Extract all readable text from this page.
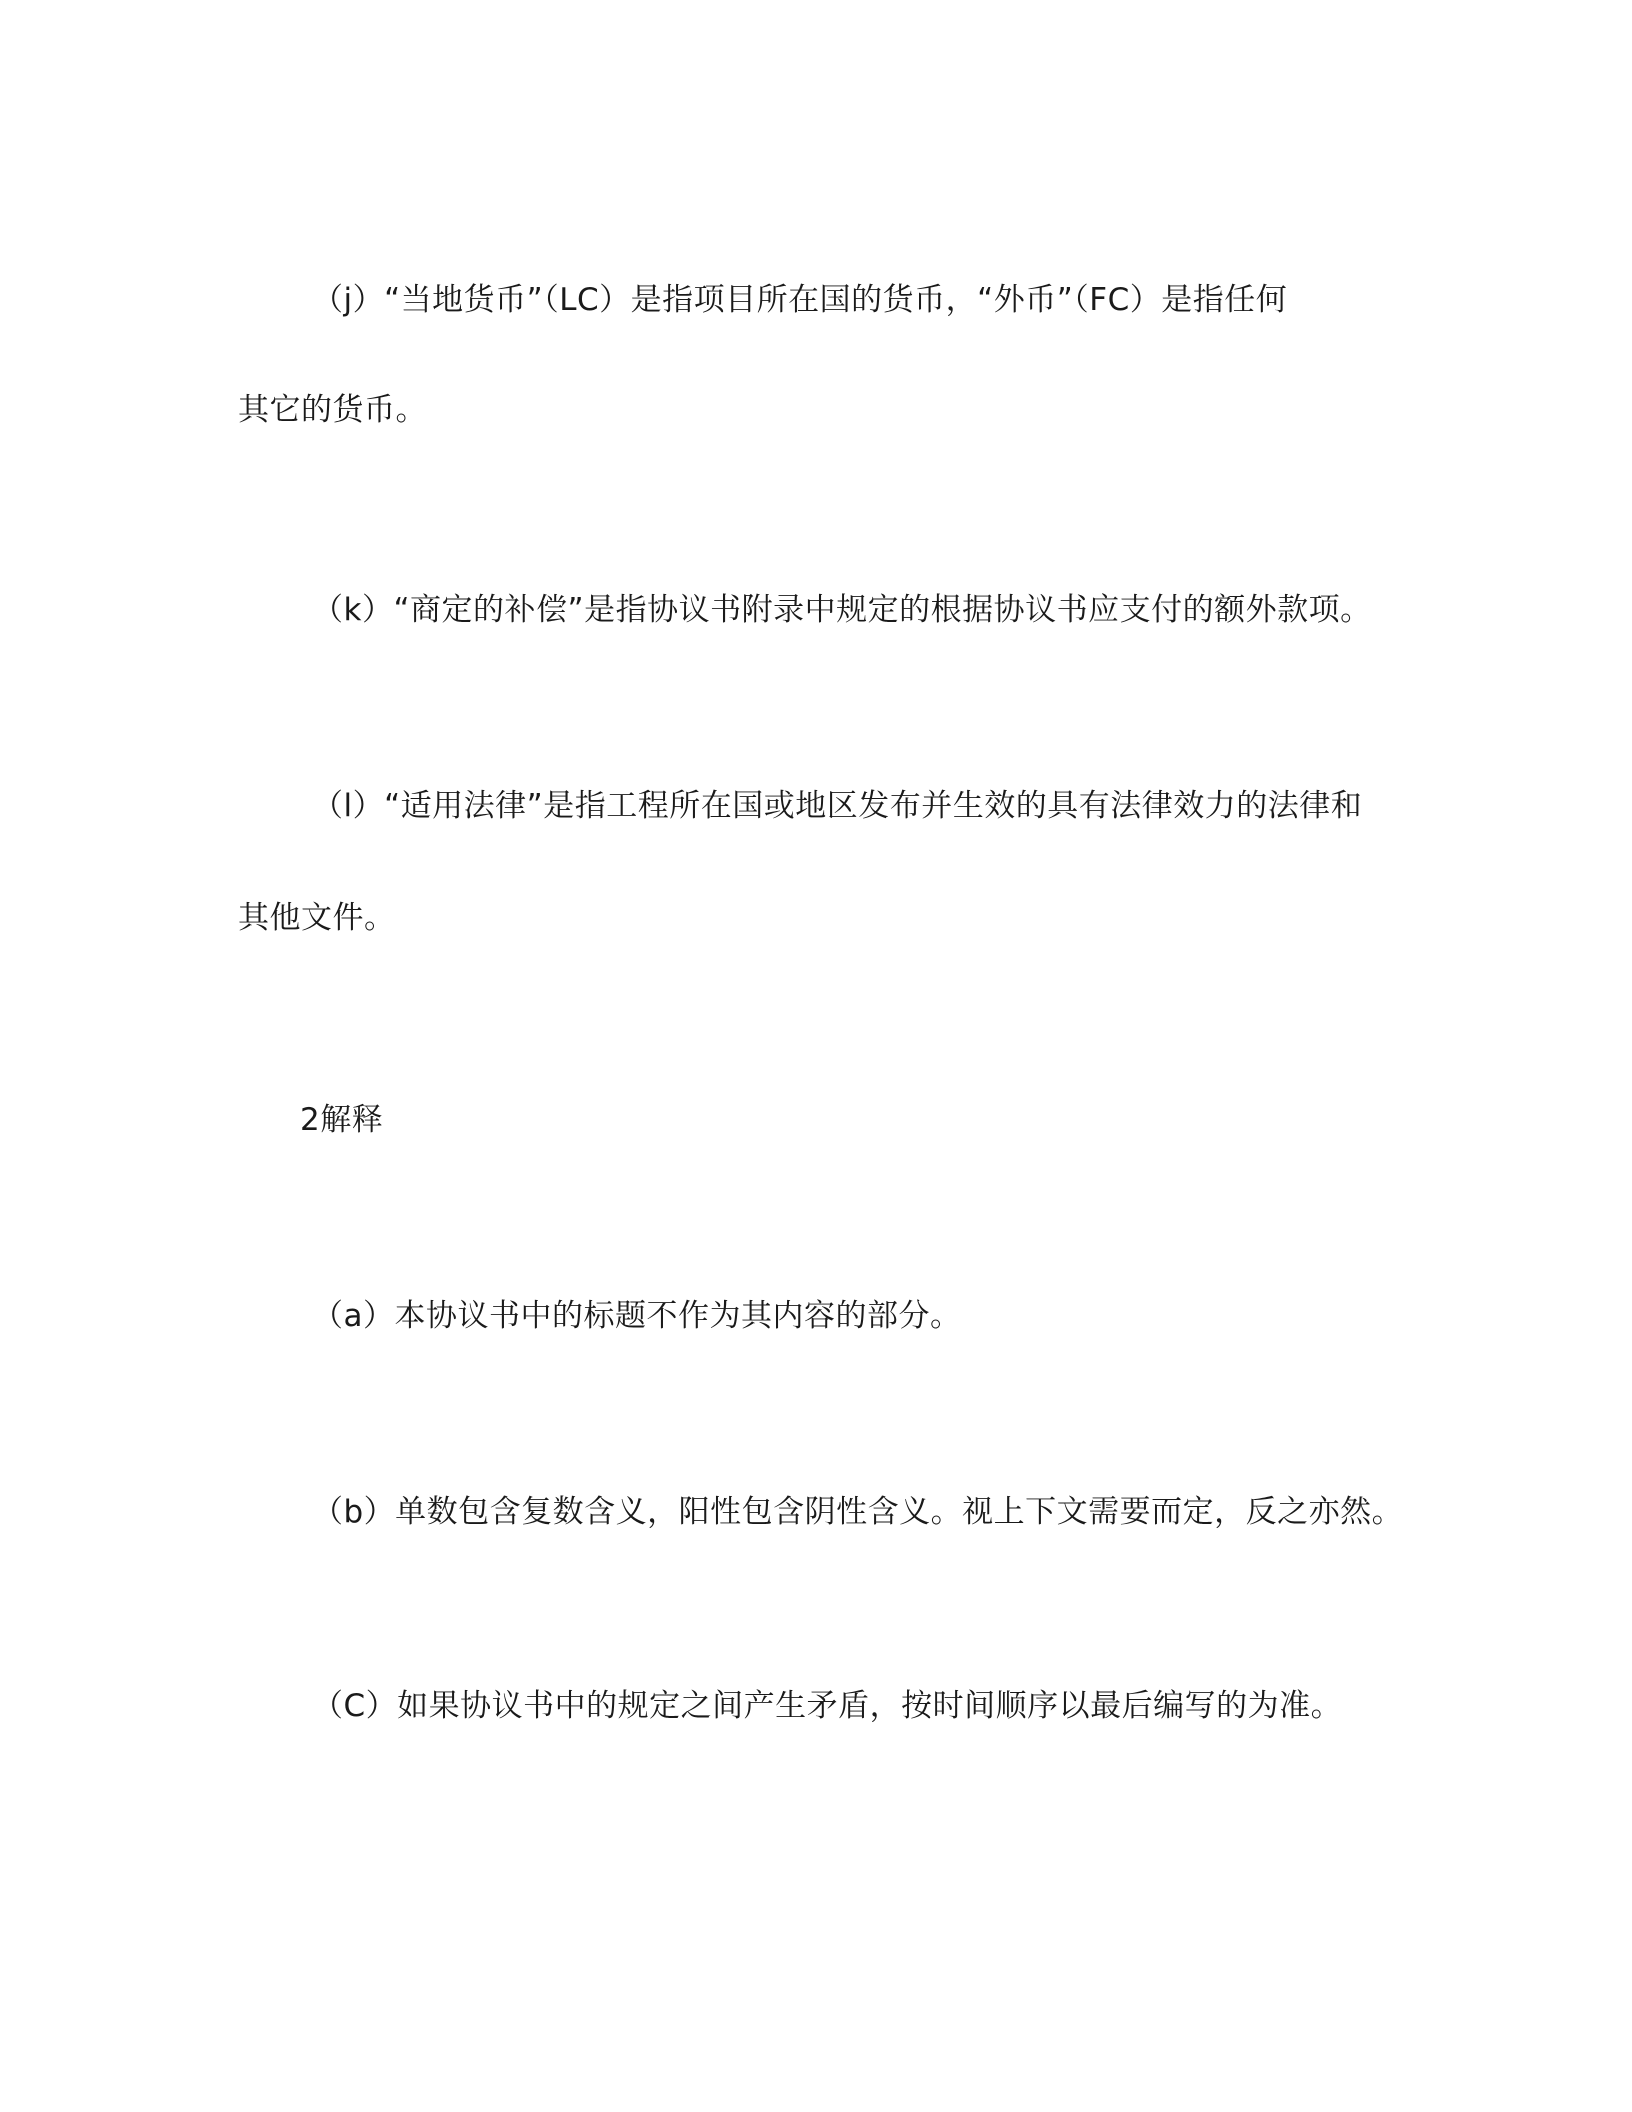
（j）“当地货币”（LC）是指项目所在国的货币，“外币”（FC）是指任何
其它的货币。
（k）“商定的补偿”是指协议书附录中规定的根据协议书应支付的额外款项。
（l）“适用法律”是指工程所在国或地区发布并生效的具有法律效力的法律和
其他文件。
2解释
（a）本协议书中的标题不作为其内容的部分。
（b）单数包含复数含义，阳性包含阴性含义。视上下文需要而定，反之亦然。
（C）如果协议书中的规定之间产生矛盾，按时间顺序以最后编写的为准。
